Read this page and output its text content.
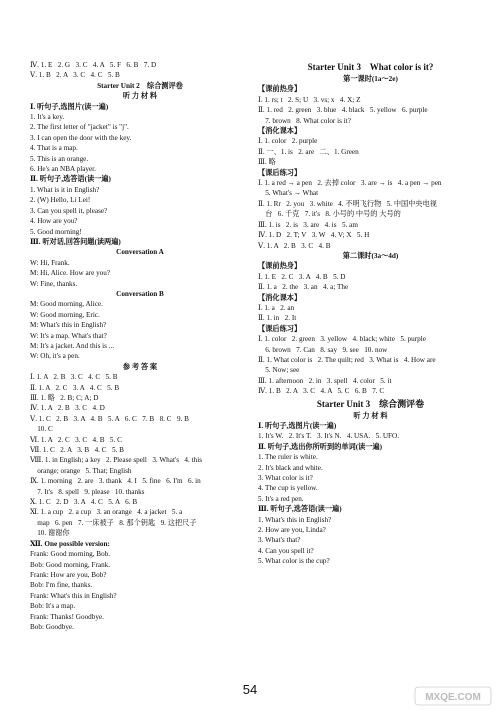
Ⅳ. 1. E   2. G   3. C   4. A   5. F   6. B   7. D

Ⅴ. 1. B   2. A   3. C   4. C   5. B

Starter Unit 2    综合测评卷

听 力 材 料

Ⅰ. 听句子,选图片(读一遍)

1. It's a key.

2. The first letter of "jacket" is "j".

3. I can open the door with the key.

4. That is a map.

5. This is an orange.

6. He's an NBA player.

Ⅱ. 听句子,选答语(读一遍)

1. What is it in English?

2. (W) Hello, Li Lei!

3. Can you spell it, please?

4. How are you?

5. Good morning!

Ⅲ. 听对话,回答问题(读两遍)

Conversation A

W: Hi, Frank.

M: Hi, Alice. How are you?

W: Fine, thanks.

Conversation B

M: Good morning, Alice.

W: Good morning, Eric.

M: What's this in English?

W: It's a map. What's that?

M: It's a jacket. And this is ...

W: Oh, it's a pen.

参 考 答 案

Ⅰ. 1. A   2. B   3. C   4. C   5. B

Ⅱ. 1. A   2. C   3. A   4. C   5. B

Ⅲ. 1. 略   2. B; C; A; D

Ⅳ. 1. A   2. B   3. C   4. D

Ⅴ. 1. C   2. B   3. A   4. B   5. A   6. C   7. B   8. C   9. B

10. C

Ⅵ. 1. A   2. C   3. C   4. B   5. C

Ⅶ. 1. C   2. A   3. B   4. C   5. B

Ⅷ. 1. in English; a key   2. Please spell   3. What's   4. this

orange; orange   5. That; English

Ⅸ. 1. morning   2. are   3. thank   4. I   5. fine   6. I'm   6. in

7. It's   8. spell   9. please   10. thanks

Ⅹ. 1. C   2. D   3. A   4. C   5. A   6. B

Ⅺ. 1. a cup   2. a cup   3. an orange   4. a jacket   5. a

map   6. pen   7. 一床被子   8. 那个钥匙   9. 这把尺子

10. 谢谢你

Ⅻ. One possible version:

Frank: Good morning, Bob.

Bob: Good morning, Frank.

Frank: How are you, Bob?

Bob: I'm fine, thanks.

Frank: What's this in English?

Bob: It's a map.

Frank: Thanks! Goodbye.

Bob: Goodbye.

Starter Unit 3    What color is it?

第一课时(1a～2e)

【课前热身】

Ⅰ. 1. rs; t   2. S; U   3. vs; x   4. X; Z

Ⅱ. 1. red   2. green   3. blue   4. black   5. yellow   6. purple

7. brown   8. What color is it?

【消化课本】

Ⅰ. 1. color   2. purple

Ⅱ. 一、1. is   2. are   二、1. Green

Ⅲ. 略

【课后练习】

Ⅰ. 1. a red → a pen   2. 去掉 color   3. are → is   4. a pen → pen

5. What's → What

Ⅱ. 1. Rr   2. you   3. white   4. 不明飞行物   5. 中国中央电视

台   6. 千克   7. it's   8. 小号的 中号的 大号的

Ⅲ. 1. is   2. is   3. are   4. is   5. am

Ⅳ. 1. D   2. T; V   3. W   4. V; X   5. H

Ⅴ. 1. A   2. B   3. C   4. B

第二课时(3a～4d)

【课前热身】

Ⅰ. 1. E   2. C   3. A   4. B   5. D

Ⅱ. 1. a   2. the   3. an   4. a; The

【消化课本】

Ⅰ. 1. a   2. an

Ⅱ. 1. in   2. It

【课后练习】

Ⅰ. 1. color   2. green   3. yellow   4. black; white   5. purple

6. brown   7. Can   8. say   9. see   10. now

Ⅱ. 1. What color is   2. The quilt; red   3. What is   4. How are

5. Now; see

Ⅲ. 1. afternoon   2. in   3. spell   4. color   5. it

Ⅳ. 1. B   2. A   3. C   4. A   5. C   6. B   7. C

Starter Unit 3    综合测评卷

听 力 材 料

Ⅰ. 听句子,选图片(读一遍)

1. It's W.   2. It's T.   3. It's N.   4. USA.   5. UFO.

Ⅱ. 听句子,选出你所听到的单词(读一遍)

1. The ruler is white.

2. It's black and white.

3. What color is it?

4. The cup is yellow.

5. It's a red pen.

Ⅲ. 听句子,选答语(读一遍)

1. What's this in English?

2. How are you, Linda?

3. What's that?

4. Can you spell it?

5. What color is the cup?

54
MXQE.COM
